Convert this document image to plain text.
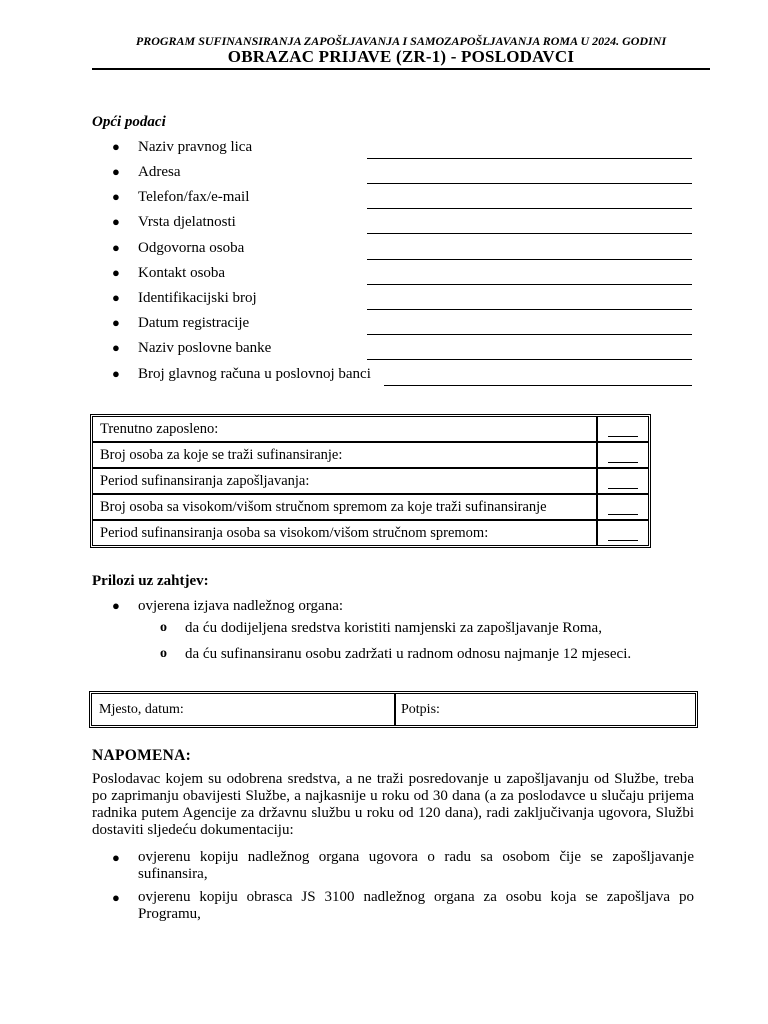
PROGRAM SUFINANSIRANJA ZAPOŠLJAVANJA I SAMOZAPOŠLJAVANJA ROMA U 2024. GODINI
OBRAZAC PRIJAVE (ZR-1) - POSLODAVCI
Opći podaci
● Naziv pravnog lica
● Adresa
● Telefon/fax/e-mail
● Vrsta djelatnosti
● Odgovorna osoba
● Kontakt osoba
● Identifikacijski broj
● Datum registracije
● Naziv poslovne banke
● Broj glavnog računa u poslovnoj banci
Trenutno zaposleno:	

Broj osoba za koje se traži sufinansiranje:	

Period sufinansiranja zapošljavanja:	

Broj osoba sa visokom/višom stručnom spremom za koje traži sufinansiranje	

Period sufinansiranja osoba sa visokom/višom stručnom spremom:	
Prilozi uz zahtjev:
● ovjerena izjava nadležnog organa:
o da ću dodijeljena sredstva koristiti namjenski za zapošljavanje Roma,
o da ću sufinansiranu osobu zadržati u radnom odnosu najmanje 12 mjeseci.
Mjesto, datum:	Potpis:
NAPOMENA:
Poslodavac kojem su odobrena sredstva, a ne traži posredovanje u zapošljavanju od Službe, treba po zaprimanju obavijesti Službe, a najkasnije u roku od 30 dana (a za poslodavce u slučaju prijema radnika putem Agencije za državnu službu u roku od 120 dana), radi zaključivanja ugovora, Službi dostaviti sljedeću dokumentaciju:
● ovjerenu kopiju nadležnog organa ugovora o radu sa osobom čije se zapošljavanje sufinansira,
● ovjerenu kopiju obrasca JS 3100 nadležnog organa za osobu koja se zapošljava po Programu,
